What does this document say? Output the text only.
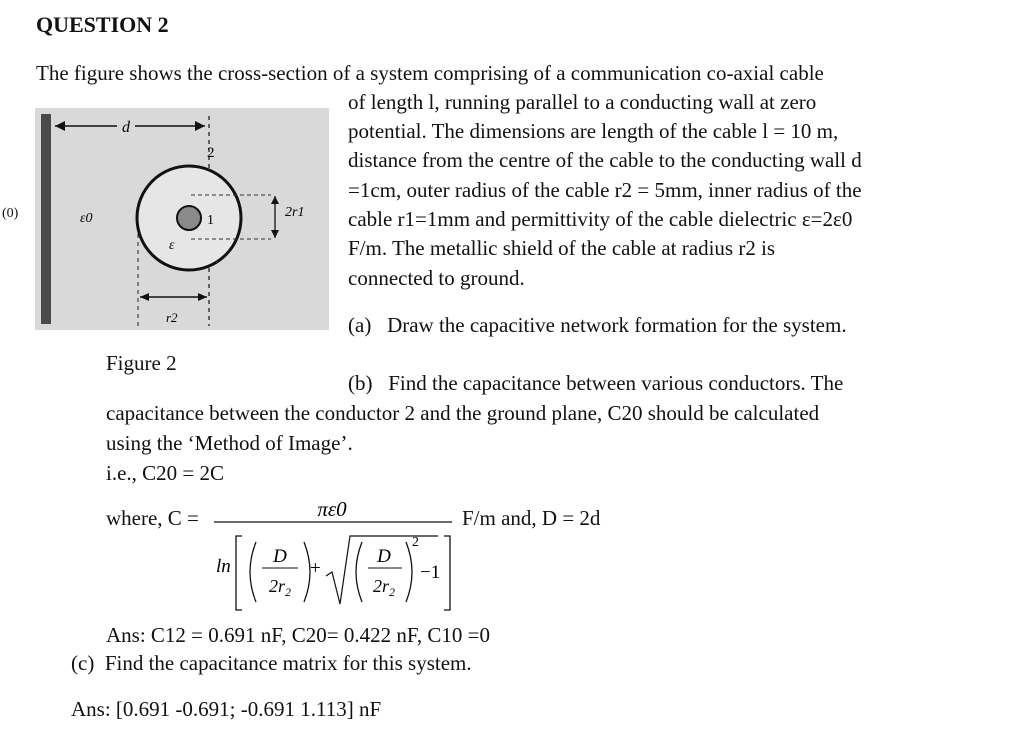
QUESTION 2
The figure shows the cross-section of a system comprising of a communication co-axial cable
of length l, running parallel to a conducting wall at zero
potential. The dimensions are length of the cable l = 10 m,
distance from the centre of the cable to the conducting wall d
=1cm, outer radius of the cable r2 = 5mm, inner radius of the
cable r1=1mm and permittivity of the cable dielectric ε=2ε0
F/m. The metallic shield of the cable at radius r2 is
connected to ground.
(0)
d
1
2
2r1
ε0
ε
r2
Figure 2
(a) Draw the capacitive network formation for the system.
(b) Find the capacitance between various conductors. The
capacitance between the conductor 2 and the ground plane, C20 should be calculated
using the ‘Method of Image’.
i.e., C20 = 2C
where, C =	πε0
ln D
$2r_2$
+
D
$2r_2$
2
−1
F/m and, D = 2d
Ans: C12 = 0.691 nF, C20= 0.422 nF, C10 =0
(c) Find the capacitance matrix for this system.
Ans: [0.691 -0.691; -0.691 1.113] nF
